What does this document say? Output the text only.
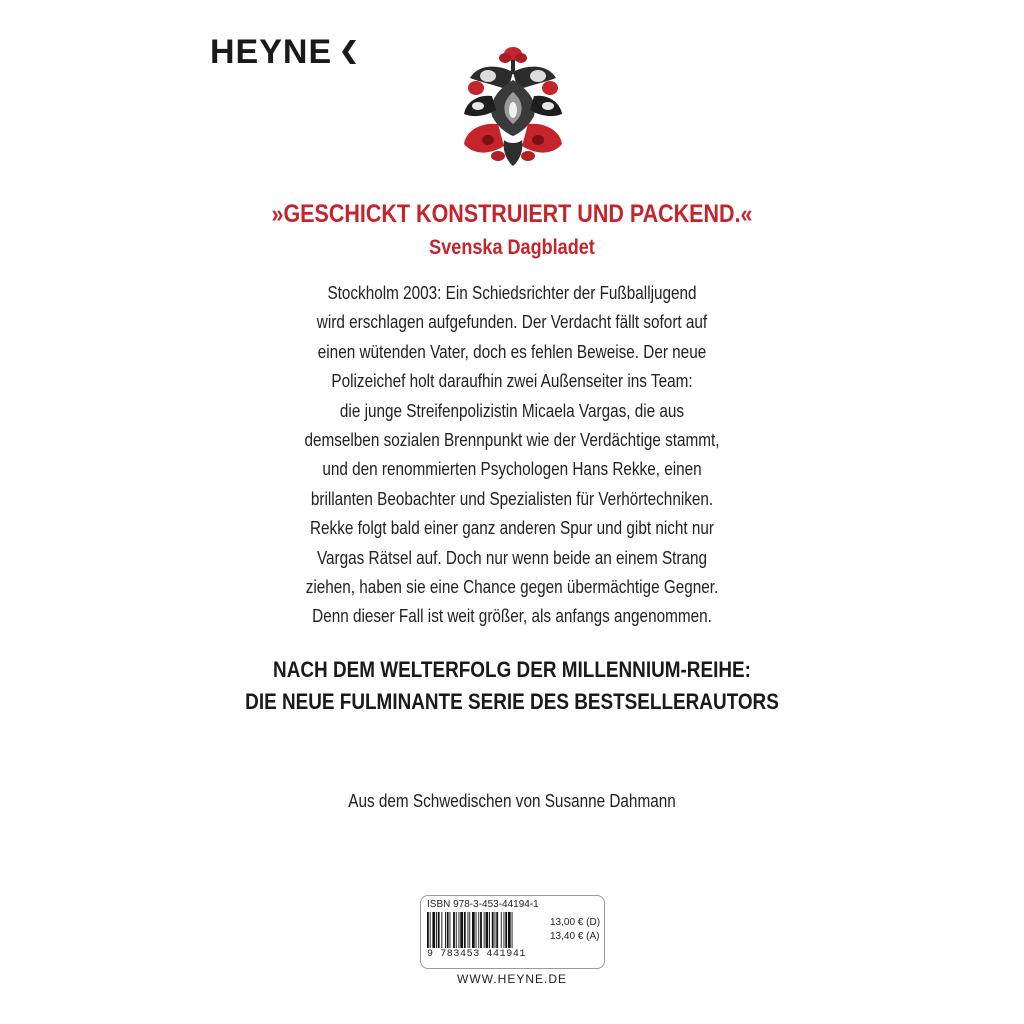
HEYNE
»GESCHICKT KONSTRUIERT UND PACKEND.«
Svenska Dagbladet
Stockholm 2003: Ein Schiedsrichter der Fußballjugend
wird erschlagen aufgefunden. Der Verdacht fällt sofort auf
einen wütenden Vater, doch es fehlen Beweise. Der neue
Polizeichef holt daraufhin zwei Außenseiter ins Team:
die junge Streifenpolizistin Micaela Vargas, die aus
demselben sozialen Brennpunkt wie der Verdächtige stammt,
und den renommierten Psychologen Hans Rekke, einen
brillanten Beobachter und Spezialisten für Verhörtechniken.
Rekke folgt bald einer ganz anderen Spur und gibt nicht nur
Vargas Rätsel auf. Doch nur wenn beide an einem Strang
ziehen, haben sie eine Chance gegen übermächtige Gegner.
Denn dieser Fall ist weit größer, als anfangs angenommen.
NACH DEM WELTERFOLG DER MILLENNIUM-REIHE:
DIE NEUE FULMINANTE SERIE DES BESTSELLERAUTORS
Aus dem Schwedischen von Susanne Dahmann
ISBN 978-3-453-44194-1
9 783453 441941
13,00 € (D)
13,40 € (A)
WWW.HEYNE.DE
